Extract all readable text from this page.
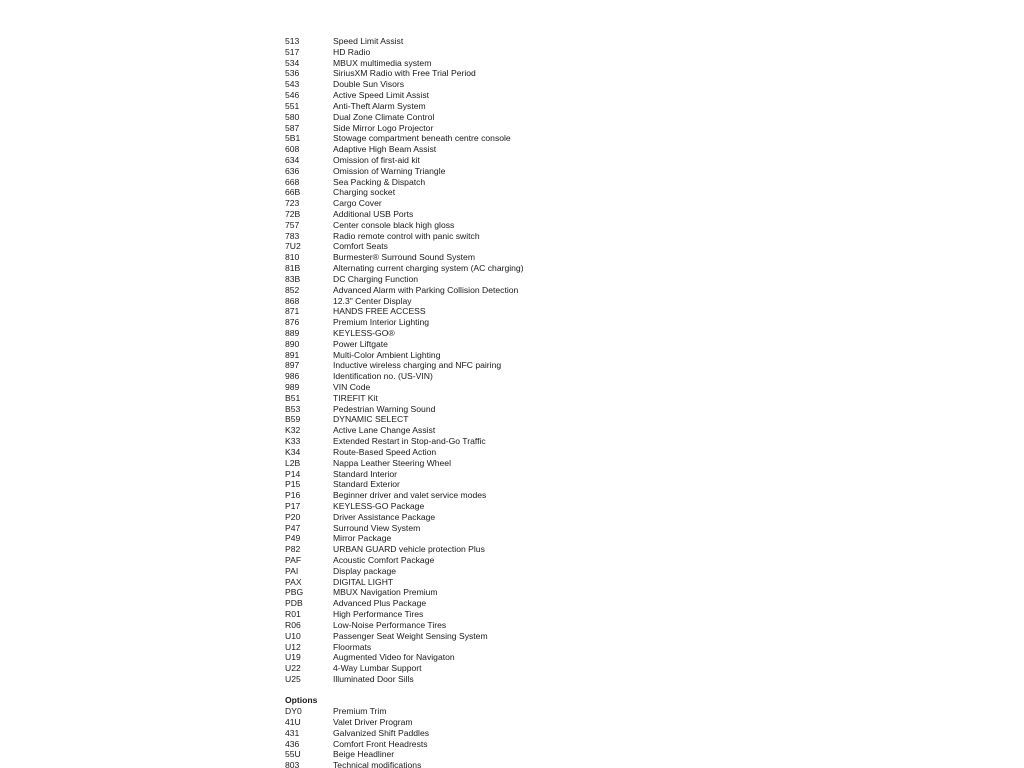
513	Speed Limit Assist
517	HD Radio
534	MBUX multimedia system
536	SiriusXM Radio with Free Trial Period
543	Double Sun Visors
546	Active Speed Limit Assist
551	Anti-Theft Alarm System
580	Dual Zone Climate Control
587	Side Mirror Logo Projector
5B1	Stowage compartment beneath centre console
608	Adaptive High Beam Assist
634	Omission of first-aid kit
636	Omission of Warning Triangle
668	Sea Packing & Dispatch
66B	Charging socket
723	Cargo Cover
72B	Additional USB Ports
757	Center console black high gloss
783	Radio remote control with panic switch
7U2	Comfort Seats
810	Burmester® Surround Sound System
81B	Alternating current charging system (AC charging)
83B	DC Charging Function
852	Advanced Alarm with Parking Collision Detection
868	12.3" Center Display
871	HANDS FREE ACCESS
876	Premium Interior Lighting
889	KEYLESS-GO®
890	Power Liftgate
891	Multi-Color Ambient Lighting
897	Inductive wireless charging and NFC pairing
986	Identification no. (US-VIN)
989	VIN Code
B51	TIREFIT Kit
B53	Pedestrian Warning Sound
B59	DYNAMIC SELECT
K32	Active Lane Change Assist
K33	Extended Restart in Stop-and-Go Traffic
K34	Route-Based Speed Action
L2B	Nappa Leather Steering Wheel
P14	Standard Interior
P15	Standard Exterior
P16	Beginner driver and valet service modes
P17	KEYLESS-GO Package
P20	Driver Assistance Package
P47	Surround View System
P49	Mirror Package
P82	URBAN GUARD vehicle protection Plus
PAF	Acoustic Comfort Package
PAI	Display package
PAX	DIGITAL LIGHT
PBG	MBUX Navigation Premium
PDB	Advanced Plus Package
R01	High Performance Tires
R06	Low-Noise Performance Tires
U10	Passenger Seat Weight Sensing System
U12	Floormats
U19	Augmented Video for Navigaton
U22	4-Way Lumbar Support
U25	Illuminated Door Sills
Options
DY0	Premium Trim
41U	Valet Driver Program
431	Galvanized Shift Paddles
436	Comfort Front Headrests
55U	Beige Headliner
803	Technical modifications
